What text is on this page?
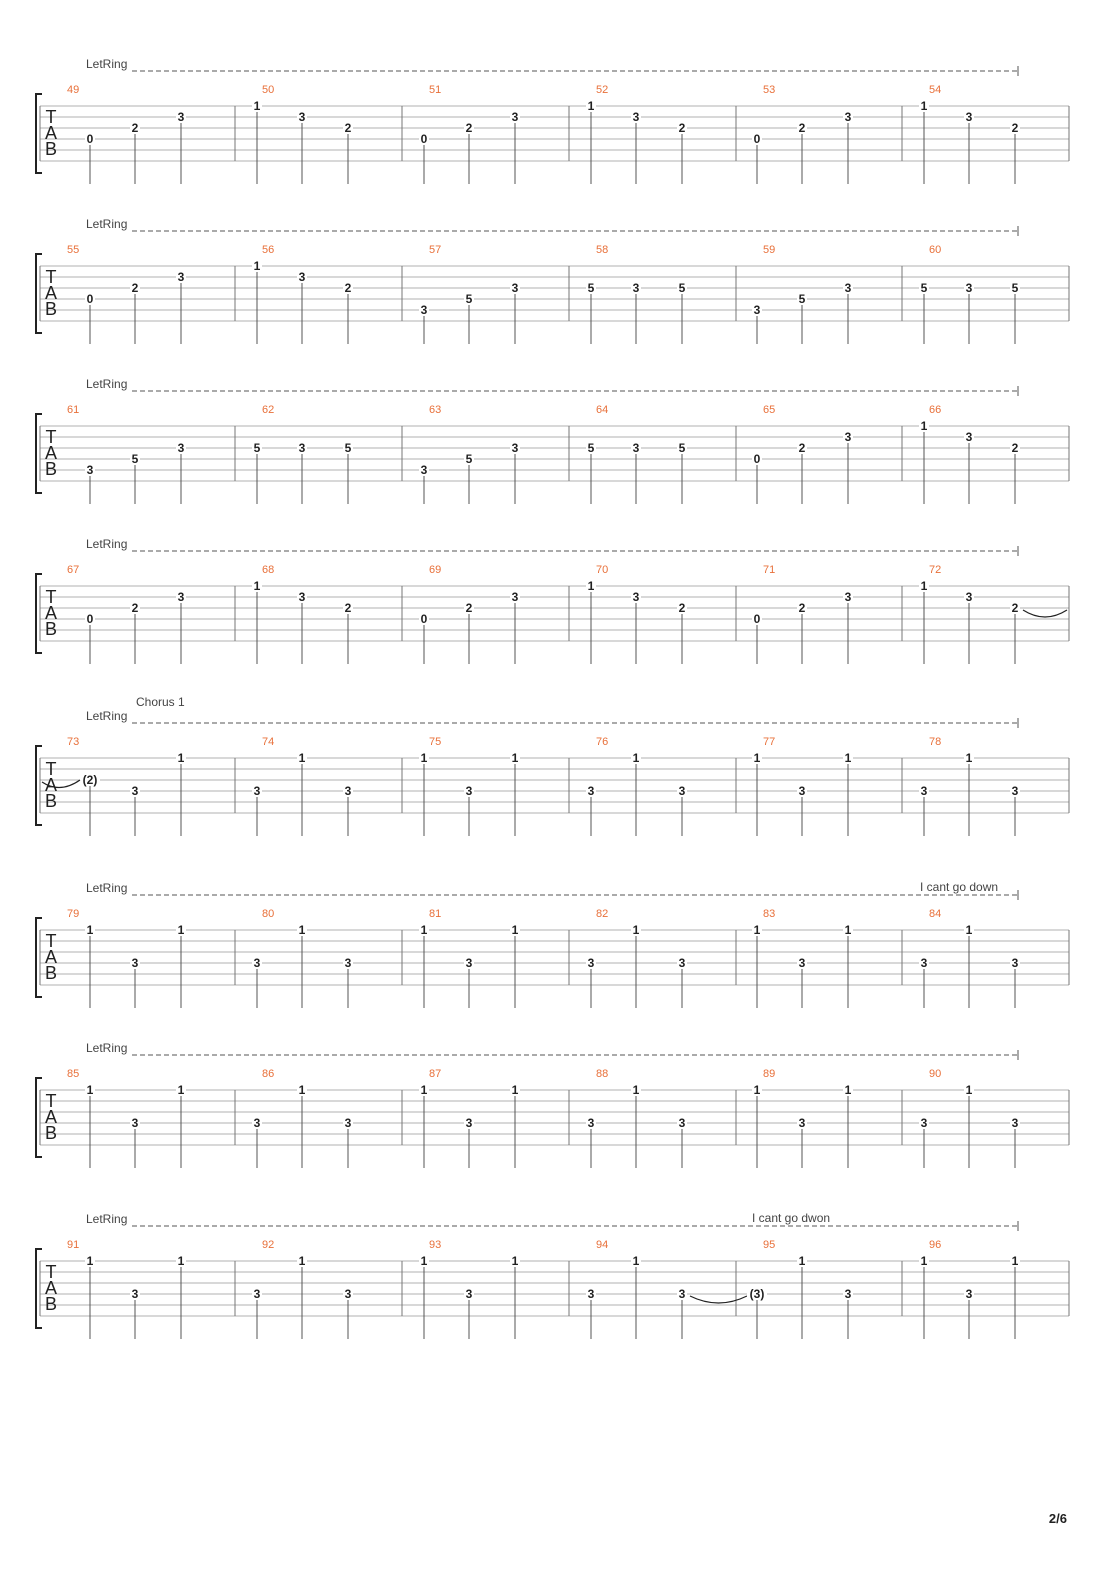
LetRing
T
A
B
49
0
2
3
50
1
3
2
51
0
2
3
52
1
3
2
53
0
2
3
54
1
3
2
LetRing
T
A
B
55
0
2
3
56
1
3
2
57
3
5
3
58
5	3	5
59
3
5
3
60
5	3	5
LetRing
T
A
B
61
3
5
3
62
5	3	5
63
3
5
3
64
5	3	5
65
0
2
3
66
1
3
2
LetRing
T
A
B
67
0
2
3
68
1
3
2
69
0
2
3
70
1
3
2
71
0
2
3
72
1
3
2
LetRing
Chorus 1
T
A
B
73
(2)
3
1
74
3
1
3
75
1
3
1
76
3
1
3
77
1
3
1
78
3
1
3
LetRing	I cant go down
T
A
B
79
1
3
1
80
3
1
3
81
1
3
1
82
3
1
3
83
1
3
1
84
3
1
3
LetRing
T
A
B
85
1
3
1
86
3
1
3
87
1
3
1
88
3
1
3
89
1
3
1
90
3
1
3
LetRing	I cant go dwon
T
A
B
91
1
3
1
92
3
1
3
93
1
3
1
94
3
1
3
95
(3)
1
3
96
1
3
1
2/6
